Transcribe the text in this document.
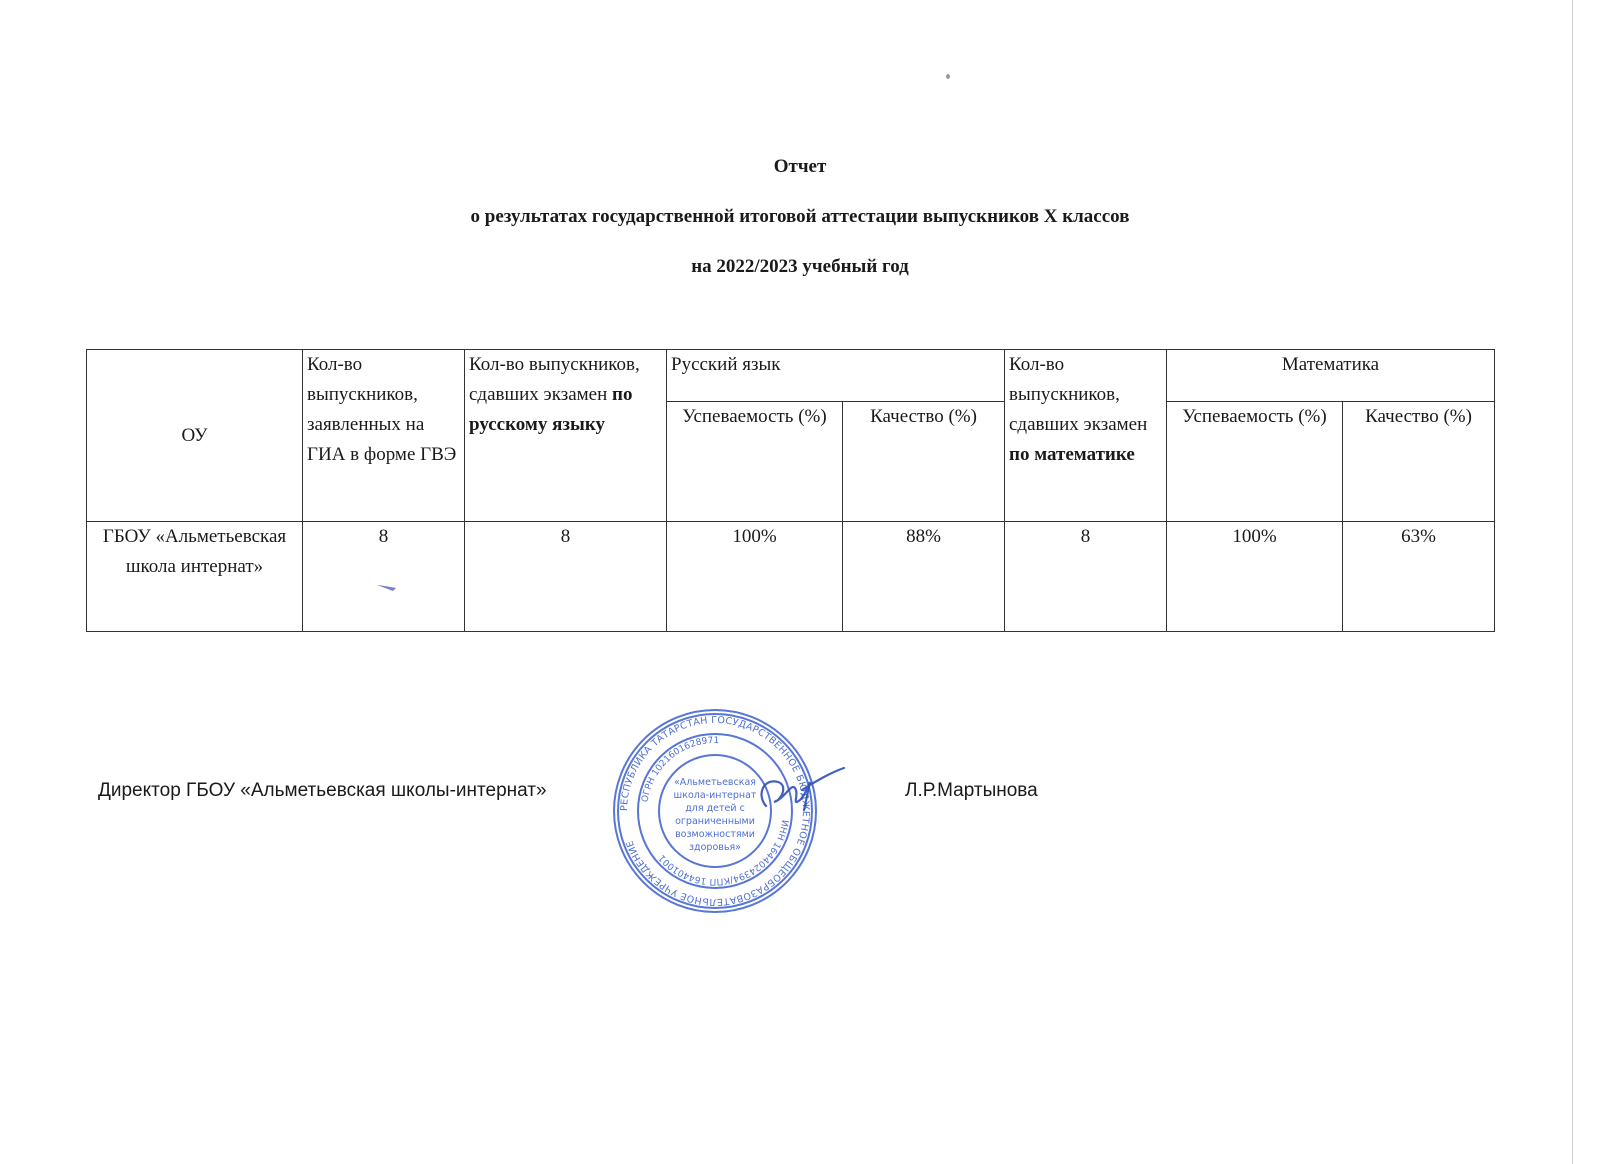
Отчет
о результатах государственной итоговой аттестации выпускников Х классов
на 2022/2023 учебный год
ОУ	Кол-во выпускников, заявленных на ГИА в форме ГВЭ	Кол-во выпускников, сдавших экзамен по русскому языку	Русский язык		Кол-во выпускников, сдавших экзамен по математике	Математика	
			Успеваемость (%)	Качество (%)		Успеваемость (%)	Качество (%)
ГБОУ «Альметьевская школа интернат»	8	8	100%	88%	8	100%	63%
Директор ГБОУ «Альметьевская школы-интернат»	Л.Р.Мартынова
РЕСПУБЛИКА ТАТАРСТАН ГОСУДАРСТВЕННОЕ БЮДЖЕТНОЕ ОБЩЕОБРАЗОВАТЕЛЬНОЕ УЧРЕЖДЕНИЕ
ОГРН 1021601628971
ИНН 1644024394/КПП 164401001
«Альметьевская
школа-интернат
для детей с
ограниченными
возможностями
здоровья»
